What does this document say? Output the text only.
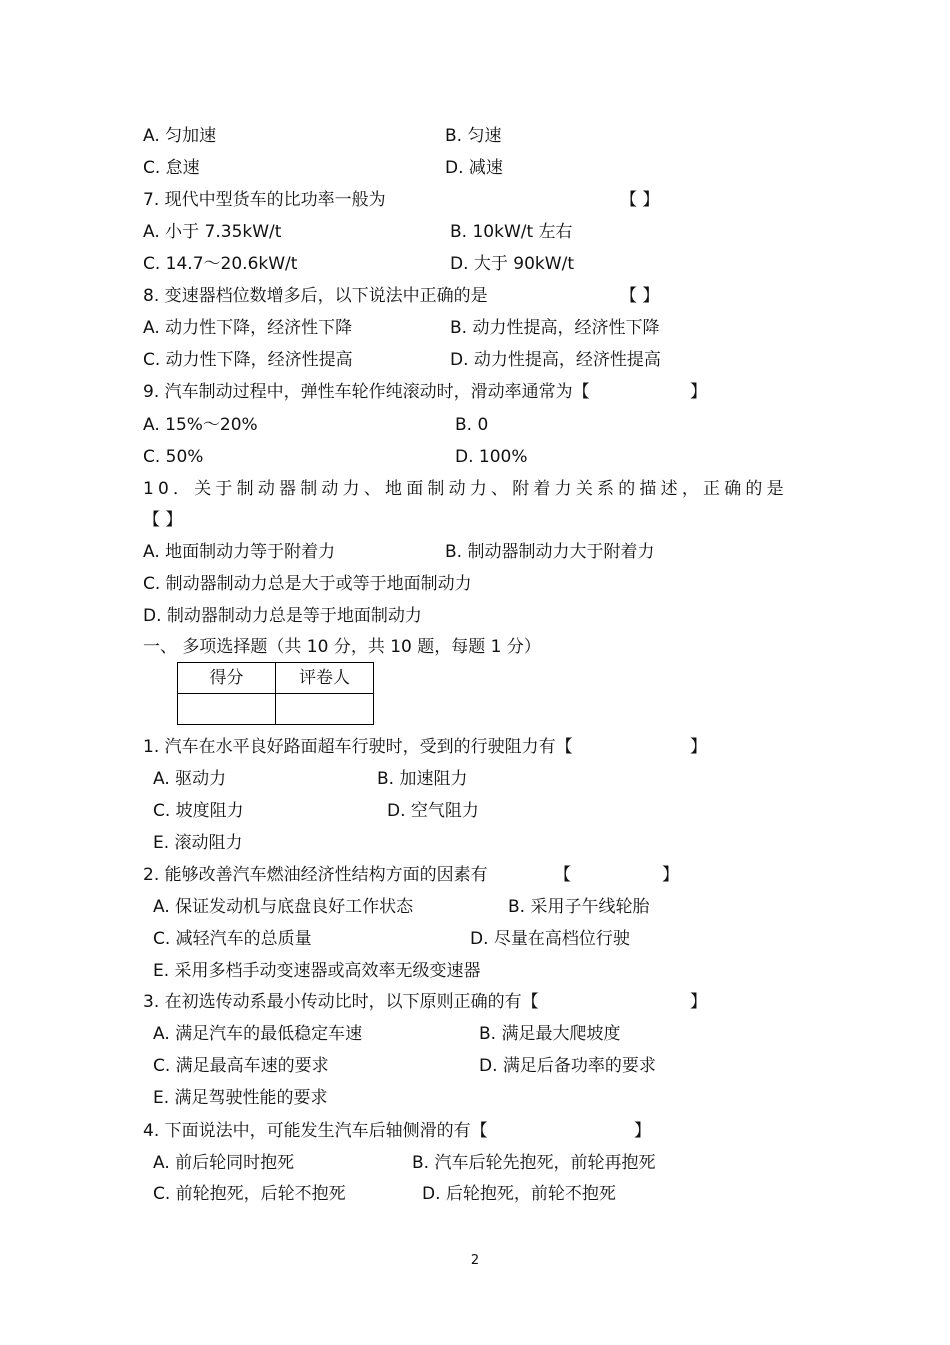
A. 匀加速	B. 匀速
C. 怠速	D. 减速
7. 现代中型货车的比功率一般为	【 】
A. 小于 7.35kW/t	B. 10kW/t 左右
C. 14.7～20.6kW/t	D. 大于 90kW/t
8. 变速器档位数增多后，以下说法中正确的是	【 】
A. 动力性下降，经济性下降	B. 动力性提高，经济性下降
C. 动力性下降，经济性提高	D. 动力性提高，经济性提高
9. 汽车制动过程中，弹性车轮作纯滚动时，滑动率通常为【	】
A. 15%～20%	B. 0
C. 50%	D. 100%
10．关于制动器制动力、地面制动力、附着力关系的描述，正确的是
【 】
A. 地面制动力等于附着力	B. 制动器制动力大于附着力
C. 制动器制动力总是大于或等于地面制动力
D. 制动器制动力总是等于地面制动力
一、 多项选择题（共 10 分，共 10 题，每题 1 分）
得分	评卷人

1. 汽车在水平良好路面超车行驶时，受到的行驶阻力有【	】
A. 驱动力	B. 加速阻力
C. 坡度阻力	D. 空气阻力
E. 滚动阻力
2. 能够改善汽车燃油经济性结构方面的因素有	【	】
A. 保证发动机与底盘良好工作状态	B. 采用子午线轮胎
C. 减轻汽车的总质量	D. 尽量在高档位行驶
E. 采用多档手动变速器或高效率无级变速器
3. 在初选传动系最小传动比时，以下原则正确的有【	】
A. 满足汽车的最低稳定车速	B. 满足最大爬坡度
C. 满足最高车速的要求	D. 满足后备功率的要求
E. 满足驾驶性能的要求
4. 下面说法中，可能发生汽车后轴侧滑的有【	】
A. 前后轮同时抱死	B. 汽车后轮先抱死，前轮再抱死
C. 前轮抱死，后轮不抱死	D. 后轮抱死，前轮不抱死
2
